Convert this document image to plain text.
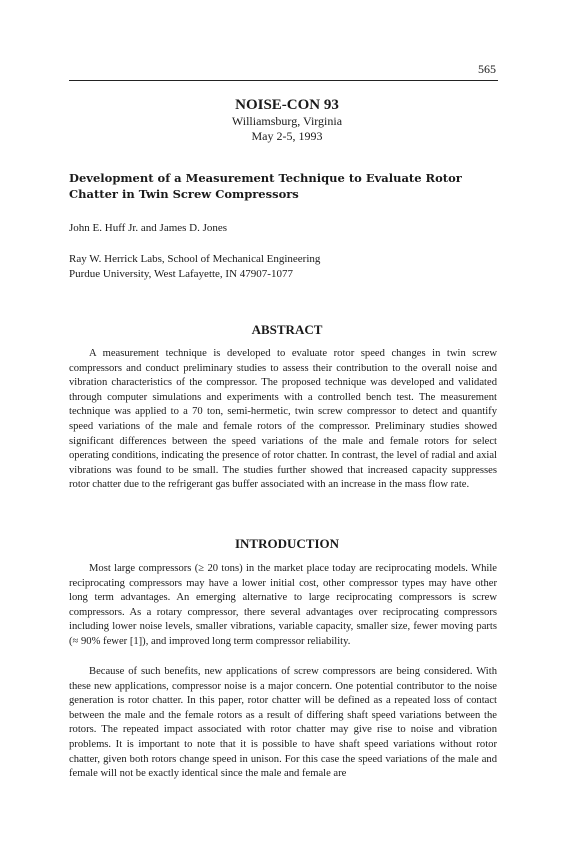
565
NOISE-CON 93
Williamsburg, Virginia
May 2-5, 1993
Development of a Measurement Technique to Evaluate Rotor Chatter in Twin Screw Compressors
John E. Huff Jr. and James D. Jones
Ray W. Herrick Labs, School of Mechanical Engineering
Purdue University, West Lafayette, IN 47907-1077
ABSTRACT

A measurement technique is developed to evaluate rotor speed changes in twin screw compressors and conduct preliminary studies to assess their contribution to the overall noise and vibration characteristics of the compressor. The proposed technique was developed and validated through computer simulations and experiments with a controlled bench test. The measurement technique was applied to a 70 ton, semi-hermetic, twin screw compressor to detect and quantify speed variations of the male and female rotors of the compressor. Preliminary studies showed significant differences between the speed variations of the male and female rotors for select operating conditions, indicating the presence of rotor chatter. In contrast, the level of radial and axial vibrations was found to be small. The studies further showed that increased capacity suppresses rotor chatter due to the refrigerant gas buffer associated with an increase in the mass flow rate.

INTRODUCTION

Most large compressors (≥ 20 tons) in the market place today are reciprocating models. While reciprocating compressors may have a lower initial cost, other compressor types may have other long term advantages. An emerging alternative to large reciprocating compressors is screw compressors. As a rotary compressor, there several advantages over reciprocating compressors including lower noise levels, smaller vibrations, variable capacity, smaller size, fewer moving parts (≈ 90% fewer [1]), and improved long term compressor reliability.

Because of such benefits, new applications of screw compressors are being considered. With these new applications, compressor noise is a major concern. One potential contributor to the noise generation is rotor chatter. In this paper, rotor chatter will be defined as a repeated loss of contact between the male and the female rotors as a result of differing shaft speed variations between the rotors. The repeated impact associated with rotor chatter may give rise to noise and vibration problems. It is important to note that it is possible to have shaft speed variations without rotor chatter, given both rotors change speed in unison. For this case the speed variations of the male and female will not be exactly identical since the male and female are
